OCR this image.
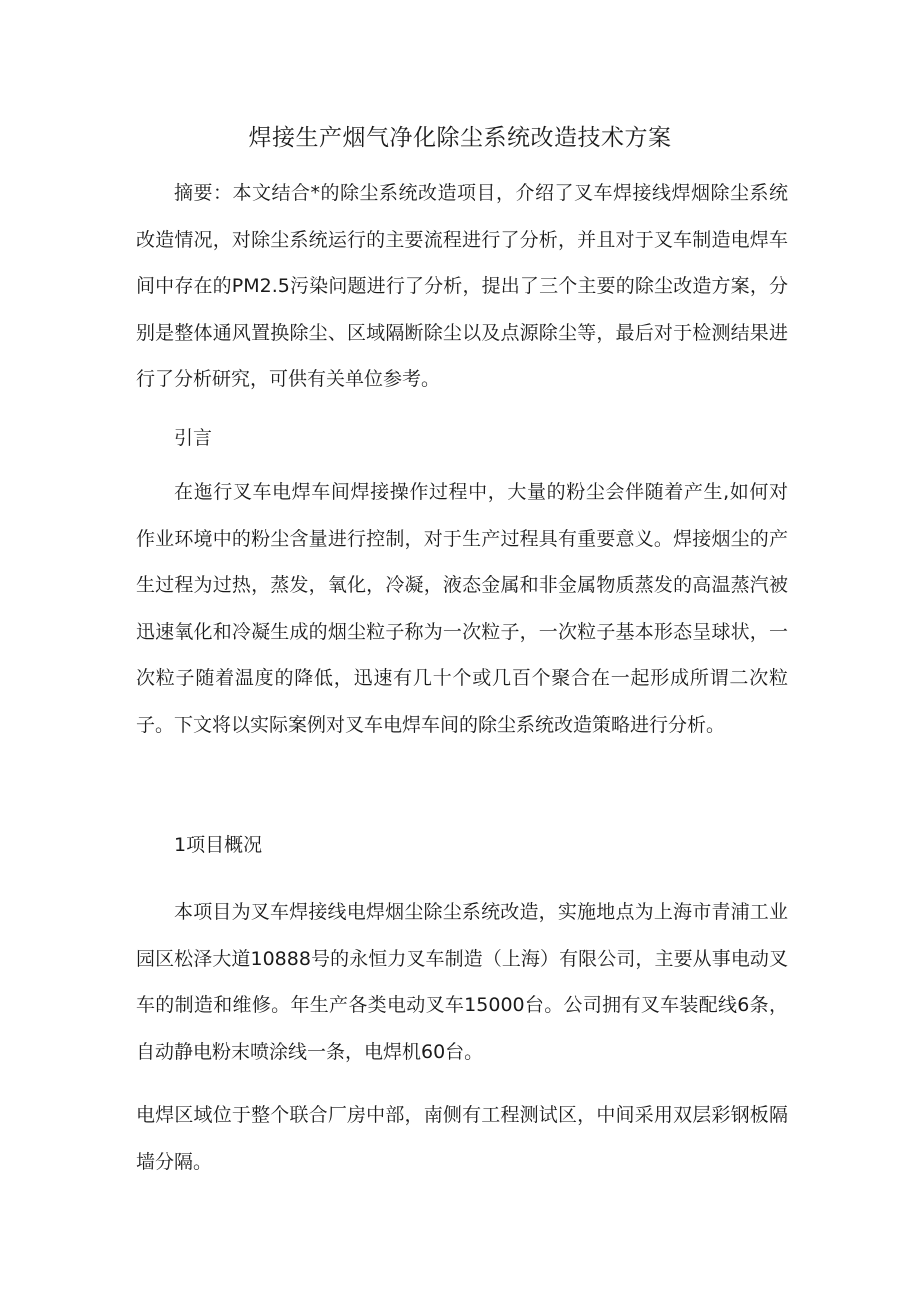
焊接生产烟气净化除尘系统改造技术方案

摘要：本文结合*的除尘系统改造项目，介绍了叉车焊接线焊烟除尘系统改造情况，对除尘系统运行的主要流程进行了分析，并且对于叉车制造电焊车间中存在的PM2.5污染问题进行了分析，提出了三个主要的除尘改造方案，分别是整体通风置换除尘、区域隔断除尘以及点源除尘等，最后对于检测结果进行了分析研究，可供有关单位参考。

引言

在迤行叉车电焊车间焊接操作过程中，大量的粉尘会伴随着产生,如何对作业环境中的粉尘含量进行控制，对于生产过程具有重要意义。焊接烟尘的产生过程为过热，蒸发，氧化，冷凝，液态金属和非金属物质蒸发的高温蒸汽被迅速氧化和冷凝生成的烟尘粒子称为一次粒子，一次粒子基本形态呈球状，一次粒子随着温度的降低，迅速有几十个或几百个聚合在一起形成所谓二次粒子。下文将以实际案例对叉车电焊车间的除尘系统改造策略进行分析。

1项目概况

本项目为叉车焊接线电焊烟尘除尘系统改造，实施地点为上海市青浦工业园区松泽大道10888号的永恒力叉车制造（上海）有限公司，主要从事电动叉车的制造和维修。年生产各类电动叉车15000台。公司拥有叉车装配线6条，自动静电粉末喷涂线一条，电焊机60台。

电焊区域位于整个联合厂房中部，南侧有工程测试区，中间采用双层彩钢板隔墙分隔。
